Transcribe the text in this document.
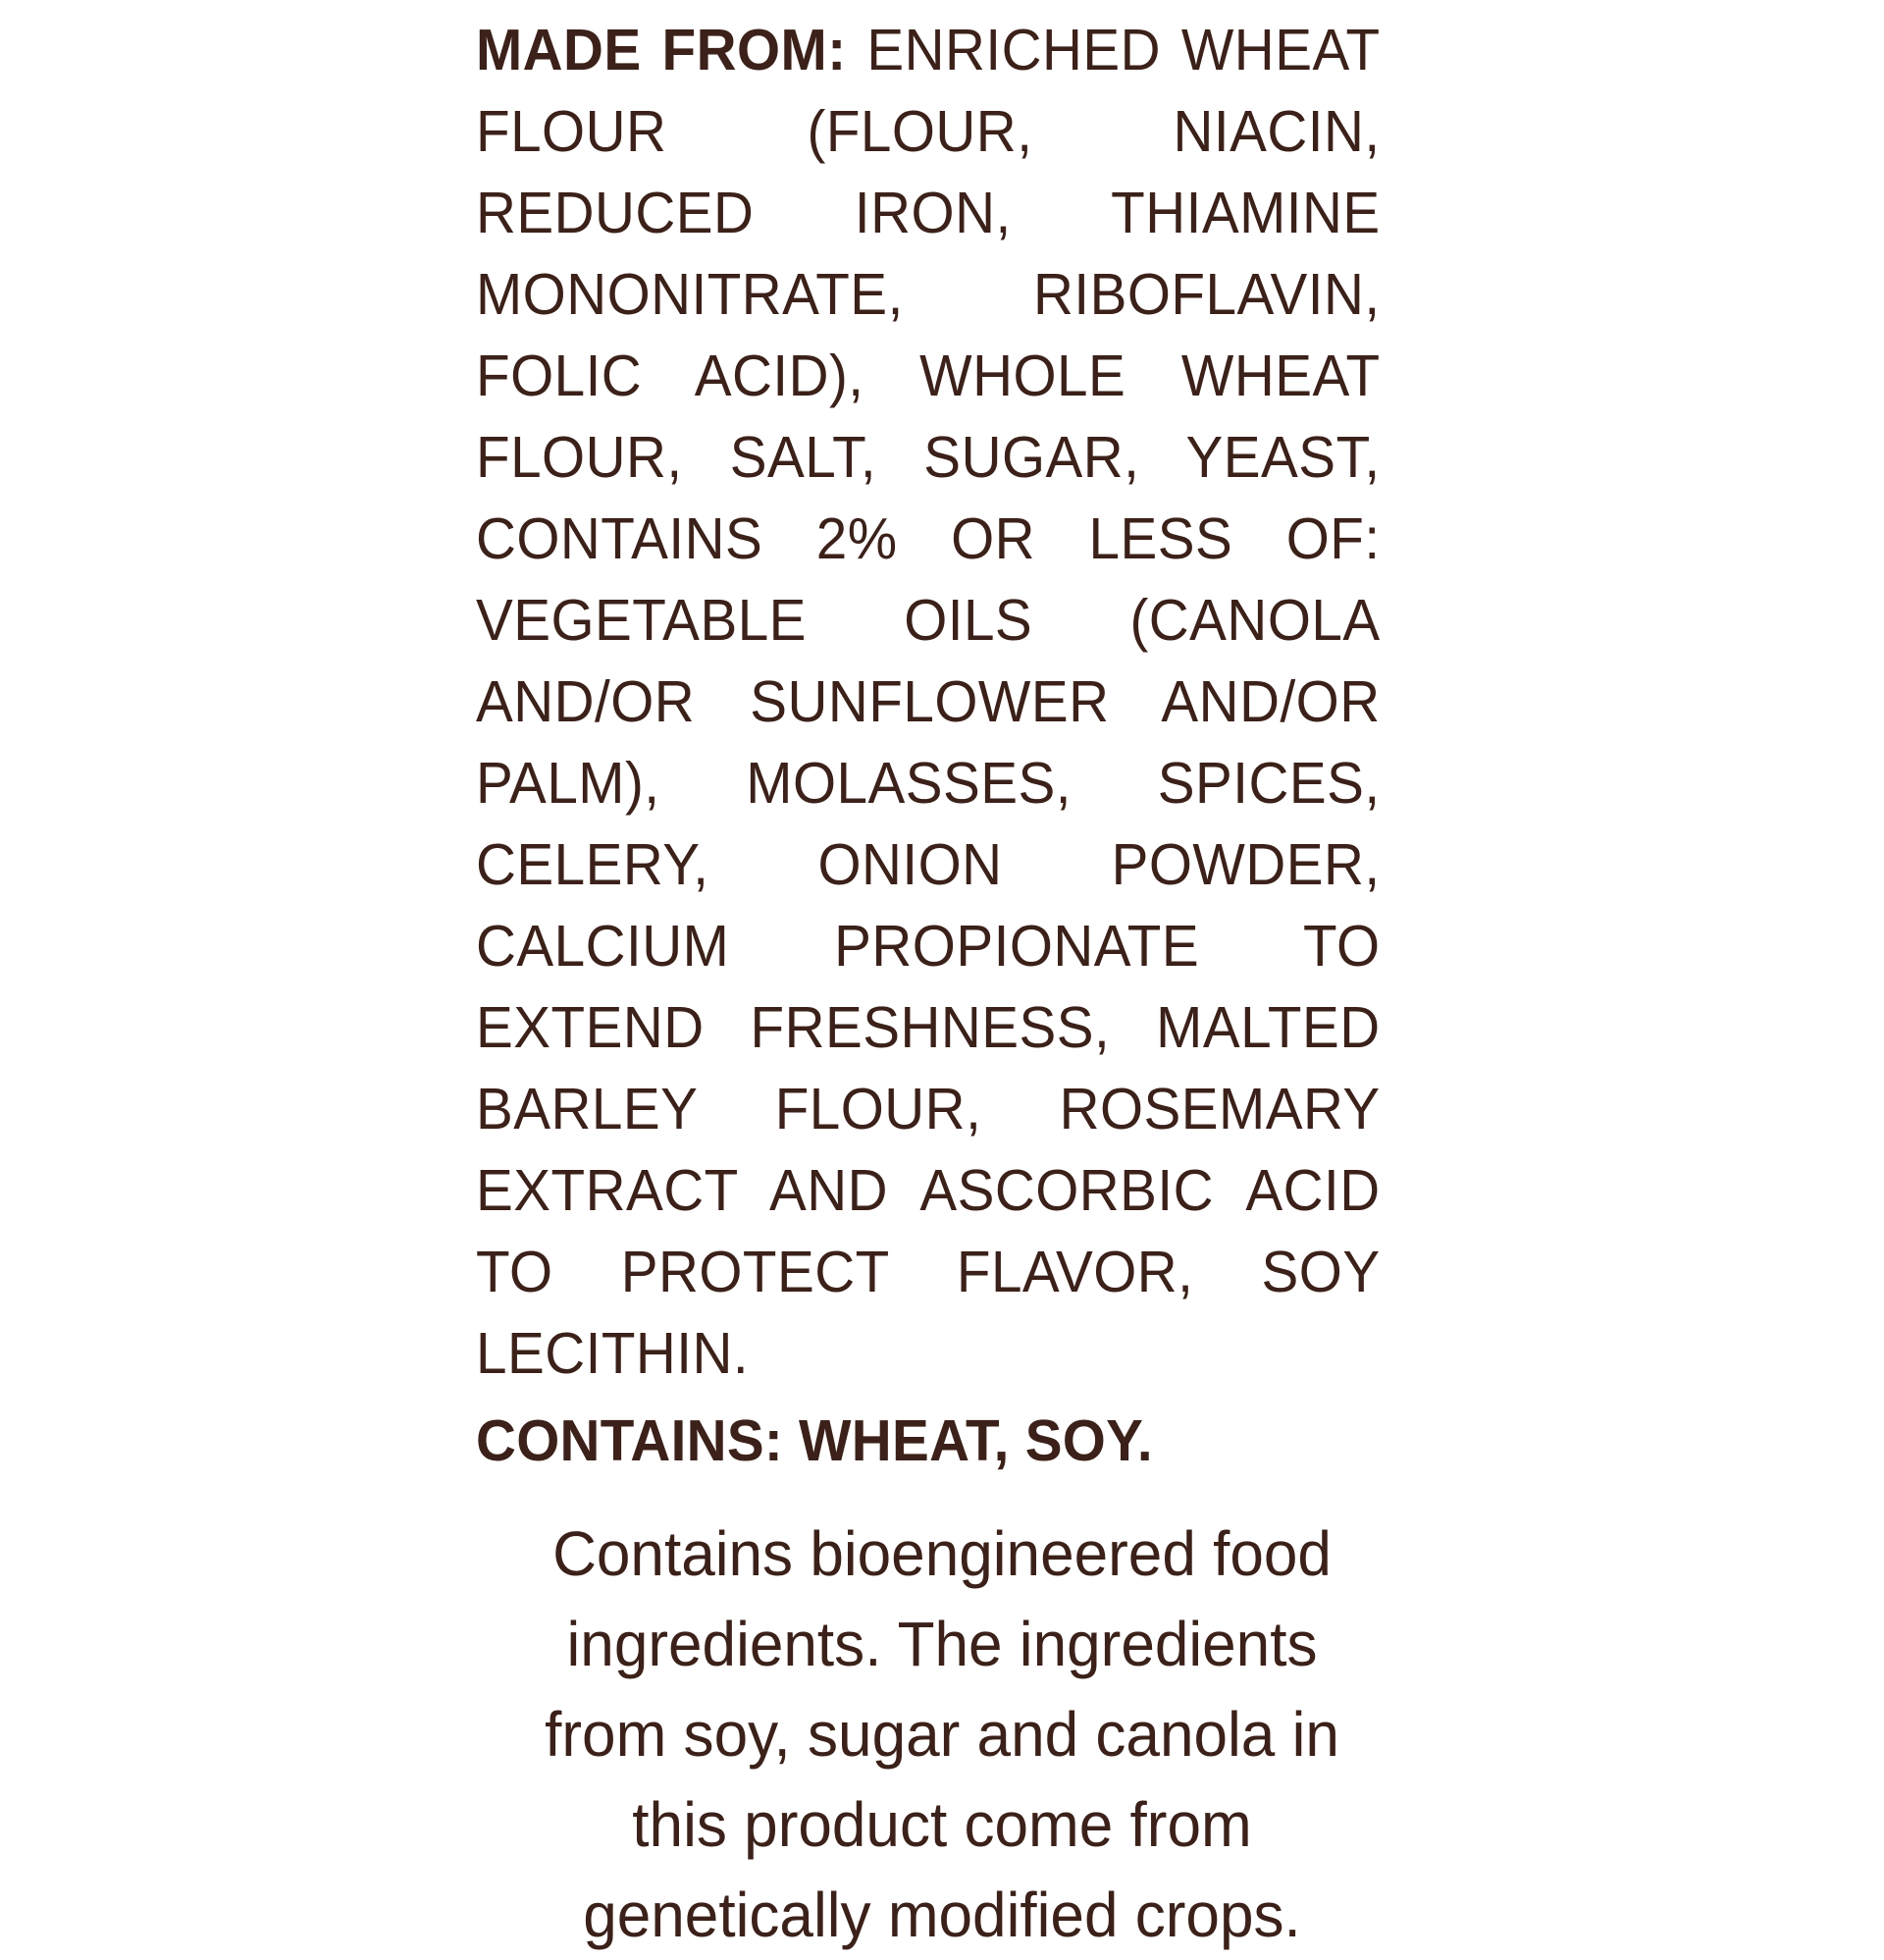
MADE FROM: ENRICHED WHEAT FLOUR (FLOUR, NIACIN, REDUCED IRON, THIAMINE MONONITRATE, RIBOFLAVIN, FOLIC ACID), WHOLE WHEAT FLOUR, SALT, SUGAR, YEAST, CONTAINS 2% OR LESS OF: VEGETABLE OILS (CANOLA AND/OR SUNFLOWER AND/OR PALM), MOLASSES, SPICES, CELERY, ONION POWDER, CALCIUM PROPIONATE TO EXTEND FRESHNESS, MALTED BARLEY FLOUR, ROSEMARY EXTRACT AND ASCORBIC ACID TO PROTECT FLAVOR, SOY LECITHIN.
CONTAINS: WHEAT, SOY.
Contains bioengineered food ingredients. The ingredients from soy, sugar and canola in this product come from genetically modified crops.
